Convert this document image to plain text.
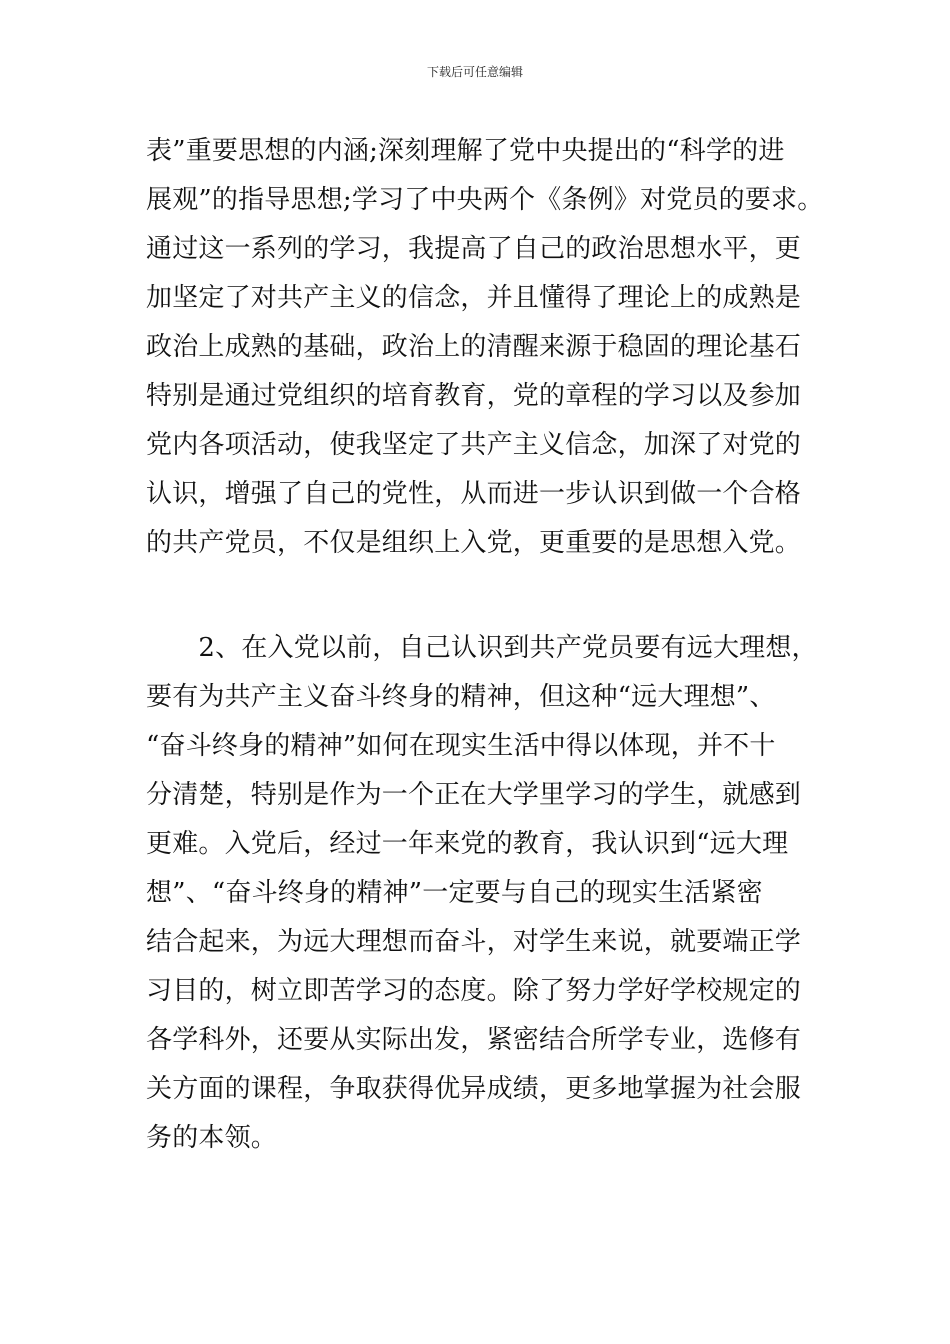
下载后可任意编辑
表”重要思想的内涵;深刻理解了党中央提出的“科学的进
展观”的指导思想;学习了中央两个《条例》对党员的要求。
通过这一系列的学习，我提高了自己的政治思想水平，更
加坚定了对共产主义的信念，并且懂得了理论上的成熟是
政治上成熟的基础，政治上的清醒来源于稳固的理论基石
特别是通过党组织的培育教育，党的章程的学习以及参加
党内各项活动，使我坚定了共产主义信念，加深了对党的
认识，增强了自己的党性，从而进一步认识到做一个合格
的共产党员，不仅是组织上入党，更重要的是思想入党。
　　2、在入党以前，自己认识到共产党员要有远大理想，
要有为共产主义奋斗终身的精神，但这种“远大理想”、
“奋斗终身的精神”如何在现实生活中得以体现，并不十
分清楚，特别是作为一个正在大学里学习的学生，就感到
更难。入党后，经过一年来党的教育，我认识到“远大理
想”、“奋斗终身的精神”一定要与自己的现实生活紧密
结合起来，为远大理想而奋斗，对学生来说，就要端正学
习目的，树立即苦学习的态度。除了努力学好学校规定的
各学科外，还要从实际出发，紧密结合所学专业，选修有
关方面的课程，争取获得优异成绩，更多地掌握为社会服
务的本领。
